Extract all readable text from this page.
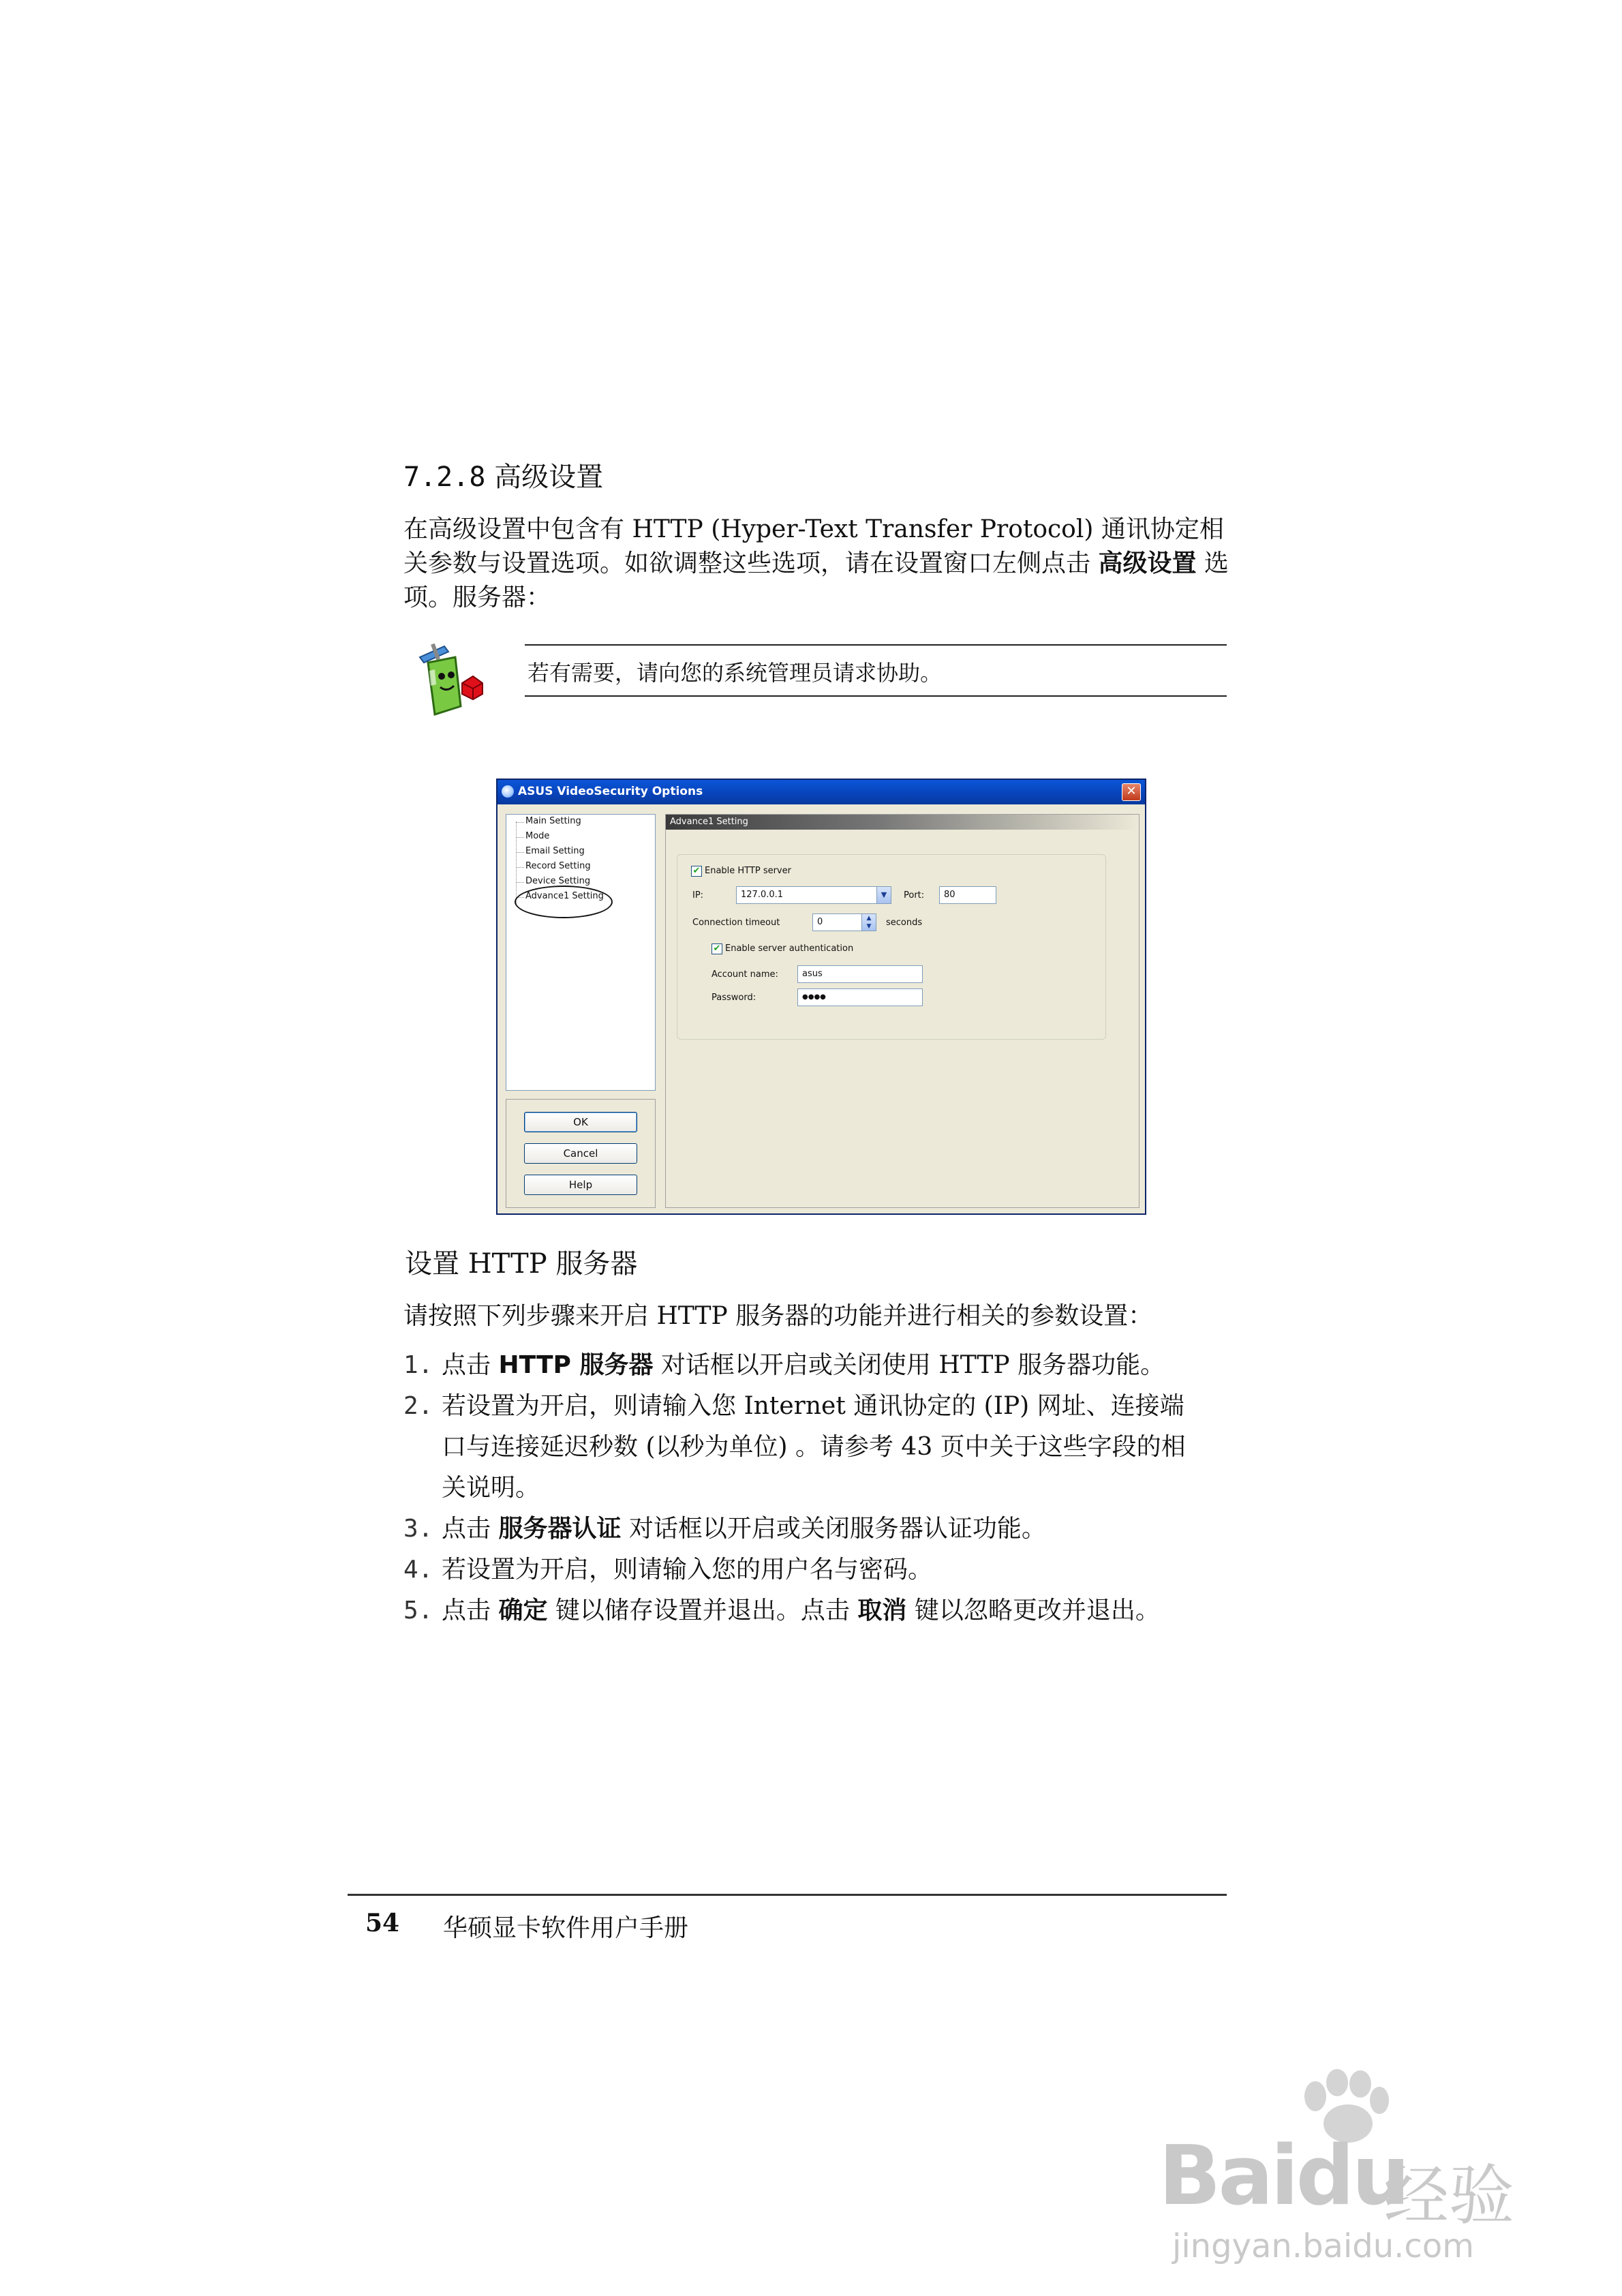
7.2.8 高级设置
在高级设置中包含有 HTTP (Hyper-Text Transfer Protocol) 通讯协定相关参数与设置选项。如欲调整这些选项，请在设置窗口左侧点击 高级设置 选项。服务器：
若有需要，请向您的系统管理员请求协助。
ASUS VideoSecurity Options	✕
Main Setting
Mode
Email Setting
Record Setting
Device Setting
Advance1 Setting
OK
Cancel
Help
Advance1 Setting
✔ Enable HTTP server
IP:	127.0.0.1	▼	Port:	80
Connection timeout	0	▲
▼	seconds
✔ Enable server authentication
Account name:	asus
Password:	●●●●
设置 HTTP 服务器
请按照下列步骤来开启 HTTP 服务器的功能并进行相关的参数设置：
1. 点击 HTTP 服务器 对话框以开启或关闭使用 HTTP 服务器功能。
2. 若设置为开启，则请输入您 Internet 通讯协定的 (IP) 网址、连接端
口与连接延迟秒数 (以秒为单位) 。请参考 43 页中关于这些字段的相
关说明。
3. 点击 服务器认证 对话框以开启或关闭服务器认证功能。
4. 若设置为开启，则请输入您的用户名与密码。
5. 点击 确定 键以储存设置并退出。点击 取消 键以忽略更改并退出。
54 华硕显卡软件用户手册
Baidu
经验
jingyan.baidu.com
